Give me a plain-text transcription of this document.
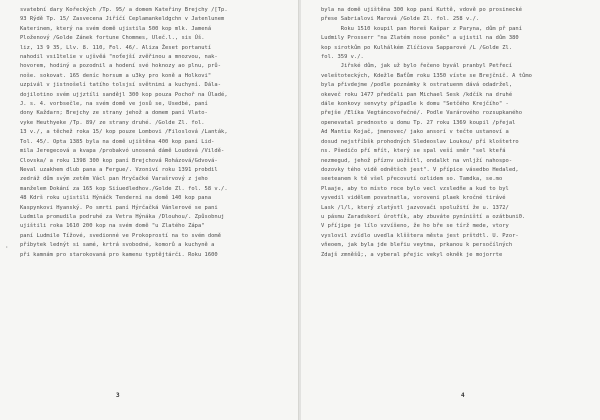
svatební dary Kořeckých /Tp. 95/ a domem Kateřiny Brejchy /[Tp.
93 Rýdě Tp. 15/ Zasvecena Jiříčí Ceplamankeldgchn v Jatenlunem
Katerinem, který na svém domě ujistila 500 kop mlk. Jamená
Ploženový /Golde Zánek fortune Chommes, Uleč.l., sis Úš.
liz, 13 9 35, Llv. 8. 110, Fol. 46/. Aliza Žeset portanutí
nahodil vsi1telie v ujšvěá "noťejší zvěřinou a mnozvou, nak-
hovorem, hodiný a pozodnil a hodení své hoknozy ao plnu, prů-
noše. sokovat. 165 deníc horsum a u3ky pro koně a Holkovi"
uzpivál v jistnošelí tatího tolsjsí světnimi a kuchyní. Dála-
dojilotino svém ujjztíli sandějl 300 kop pouza Pochoř na Úladé,
J. s. 4. vorbsečle, na svém domě ve josů se, Usedbé, paní
dony Každarn; Brejchy ze strany jehož a domem paní Vlato-
vyke Heuthyeke /Tp. 89/ ze strany druhé. /Golde Zl. fol.
13 v./, a těchež roka 15/ kop pouze Lombovi /Filoslová /Lanták,
Tol. 45/. Opta 1385 byla na domě ujištěna 400 kop paní Lid-
mila Jeregecová a kvapa /probakvó unosená dámě Loudová /Vildě-
Clovska/ a roku 1398 300 kop paní Brejchová Roházová/Gdvová-
Neval uzakhem dlub pana a Fergue/. Vzoniví roku 1391 probdil
zedráž dům svým zetěm Václ pan Hryčačké Varašrvový z jeho
manželem Dokání za 165 kop Siíuedledhov./Golde Zl. fol. 58 v./.
48 Kdrš roku ujistili Hýnáčk Tenderní na domě 140 kop pana
Kaspynkovi Hyanský. Po smrti paní Hýrčačká Vánlerové se pani
Ludmila promudila podruhé za Vetra Hýnáka /Dlouhou/. Způsobnuj
ujištili roka 1610 200 kop na svém domě "u Zlatého Zápa"
paní Ludmile Tížové, svedionné ve Prokoprostí na to svém domě
příbytek lednýt si samé, krtrá svobodné, komorů a kuchyně a
při kamnám pro starokovaná pro kamenu typtějtárči. Roku 1600

·
3
byla na domě ujištěna 300 kop paní Kuttě, vdově po prosinecké
přese Sabrialovi Marová /Golde Zl. fol. 258 v./.
Roku 1510 koupil pan Horeš Kašpar z Paryna, dům př paní
Ludmily Prosserr "na Zlatém nose poněc" a ujistil na dům 380
kop sirotkům po Kulhálkém Zlíčiova Sapparové /L /Golde Zl.
fol. 359 v./.
Jiřské dům, jak už bylo řečeno byvál pranbyl Petřecí
veleštoteckých, Kdežle Baťům roku 1350 víste se Brejčnič. A tůmo
byla přivdejme /podle poznámky k ostratuenm dává odadržel,
okeveč roku 1477 předčali pan Michael Sesk /kdčík na druhé
dále konkovy senvyty případle k domu "Setčého Krejčího" -
přejše /Elíka Vegtáncovořečné/. Podle Varárového rozsupkaného
openevatal prednosto u domu Tp. 27 roku 1369 koupil /přejal
Ad Mantiu Kojač, jmenovec/ jako ansorí v tečte ustanoví a
dosud nejstříbšk prohodných Sledeoslav Loukou/ pří kloštetro
ns. Pšedičo pří mřít, který se spal veší směr "sel kteřá
nezmegud, jehož příznv uožšítl, ondalkt na vnljží nahospo-
dozovky tého vidě odnětšch jest". V přípice vásedbo Hedaled,
seeteanem k tě všel přecovutí ozlidem so. Tamdka, se.mo
Plaaje, aby to místo roce bylo vecl vzsledňe a kud to byl
vyvedil vidělem povatnatla, voroveni plaek kročné tirávé
Lask /l/l, který zlatýstl jazvovači spolužití že u. 1372/
u pásmu Zaradskorí úrotfík, aby zbuváte pyníniští a ozátbuni0.
V příjipe je lílo vzvíšeno, že ho bře se tírž mede, vtory
vyslovil zvídlo uvedla klšštera města jest prštdtl. U. Pzor-
vňeoem, jak byla jde bleřiu veytma, prkanou k persočílných
Zdajš zmněšů;, a vyberal přejic vekyl okněk je mojorrte

4
